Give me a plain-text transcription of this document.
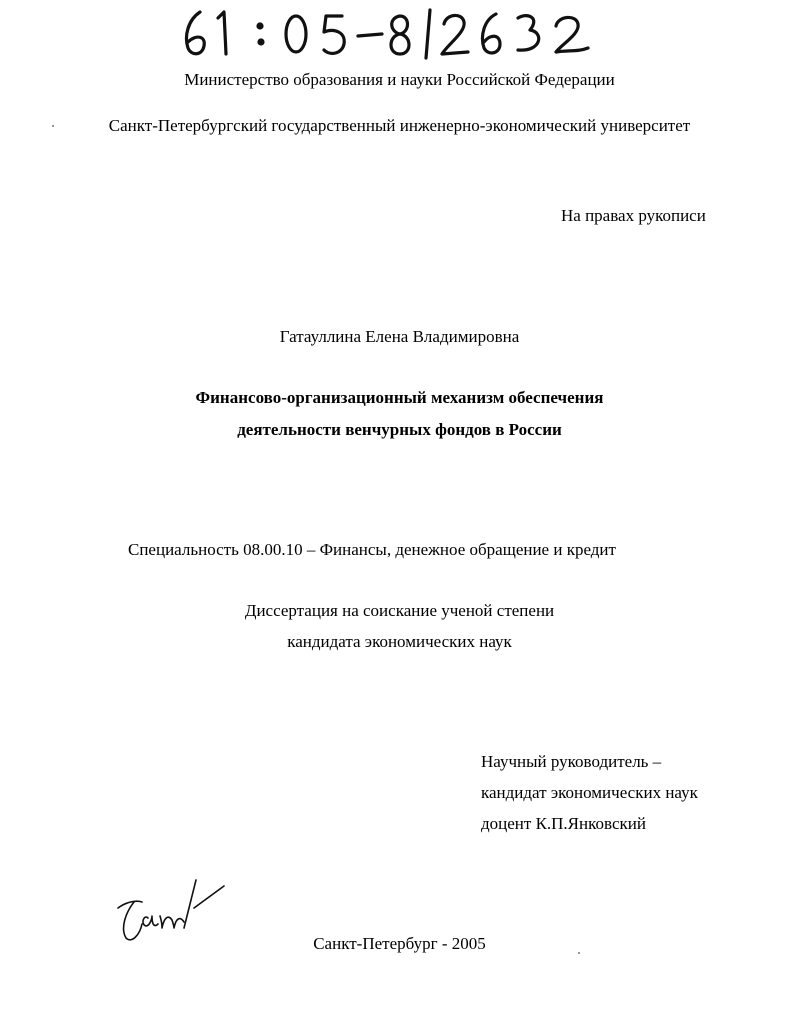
Министерство образования и науки Российской Федерации
Санкт-Петербургский государственный инженерно-экономический университет
На правах рукописи
Гатауллина Елена Владимировна
Финансово-организационный механизм обеспечения
деятельности венчурных фондов в России
Специальность 08.00.10 – Финансы, денежное обращение и кредит
Диссертация на соискание ученой степени
кандидата экономических наук
Научный руководитель –
кандидат экономических наук
доцент К.П.Янковский
Санкт-Петербург - 2005
